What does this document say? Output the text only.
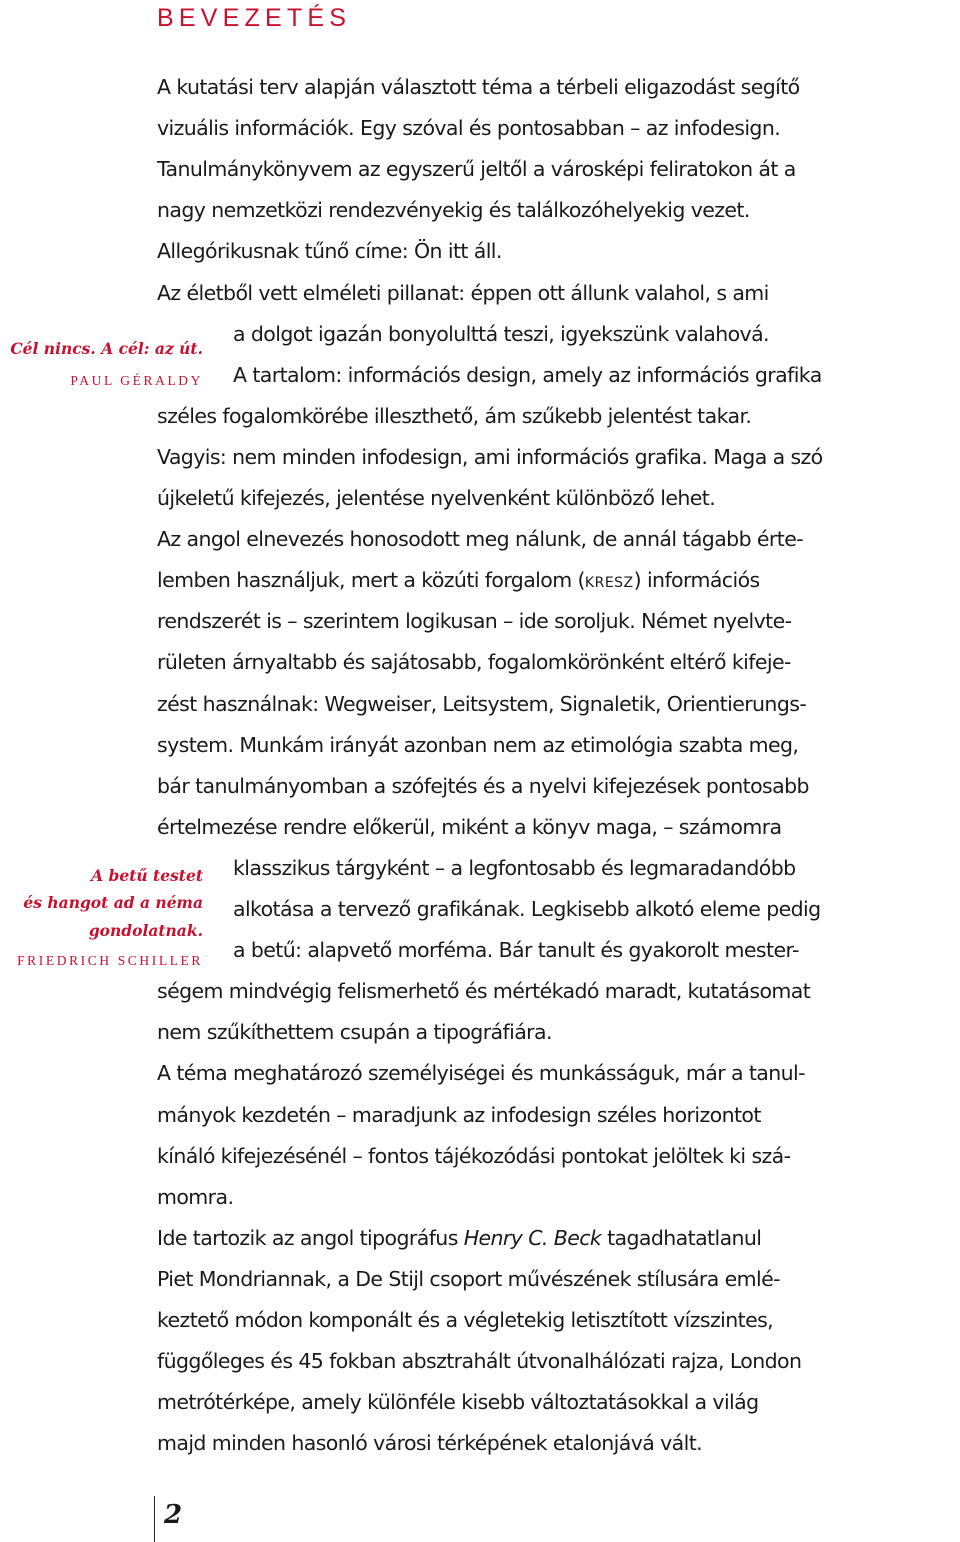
BEVEZETÉS
A kutatási terv alapján választott téma a térbeli eligazodást segítő
vizuális információk. Egy szóval és pontosabban – az infodesign.
Tanulmánykönyvem az egyszerű jeltől a városképi feliratokon át a
nagy nemzetközi rendezvényekig és találkozóhelyekig vezet.
Allegórikusnak tűnő címe: Ön itt áll.
Az életből vett elméleti pillanat: éppen ott állunk valahol, s ami
a dolgot igazán bonyolulttá teszi, igyekszünk valahová.
A tartalom: információs design, amely az információs grafika
széles fogalomkörébe illeszthető, ám szűkebb jelentést takar.
Vagyis: nem minden infodesign, ami információs grafika. Maga a szó
újkeletű kifejezés, jelentése nyelvenként különböző lehet.
Az angol elnevezés honosodott meg nálunk, de annál tágabb érte-
lemben használjuk, mert a közúti forgalom (kresz) információs
rendszerét is – szerintem logikusan – ide soroljuk. Német nyelvte-
rületen árnyaltabb és sajátosabb, fogalomkörönként eltérő kifeje-
zést használnak: Wegweiser, Leitsystem, Signaletik, Orientierungs-
system. Munkám irányát azonban nem az etimológia szabta meg,
bár tanulmányomban a szófejtés és a nyelvi kifejezések pontosabb
értelmezése rendre előkerül, miként a könyv maga, – számomra
klasszikus tárgyként – a legfontosabb és legmaradandóbb
alkotása a tervező grafikának. Legkisebb alkotó eleme pedig
a betű: alapvető morféma. Bár tanult és gyakorolt mester-
ségem mindvégig felismerhető és mértékadó maradt, kutatásomat
nem szűkíthettem csupán a tipográfiára.
A téma meghatározó személyiségei és munkásságuk, már a tanul-
mányok kezdetén – maradjunk az infodesign széles horizontot
kínáló kifejezésénél – fontos tájékozódási pontokat jelöltek ki szá-
momra.
Ide tartozik az angol tipográfus Henry C. Beck tagadhatatlanul
Piet Mondriannak, a De Stijl csoport művészének stílusára emlé-
keztető módon komponált és a végletekig letisztított vízszintes,
függőleges és 45 fokban absztrahált útvonalhálózati rajza, London
metrótérképe, amely különféle kisebb változtatásokkal a világ
majd minden hasonló városi térképének etalonjává vált.
Cél nincs. A cél: az út.
PAUL GÉRALDY
A betű testet
és hangot ad a néma
gondolatnak.
FRIEDRICH SCHILLER
2
